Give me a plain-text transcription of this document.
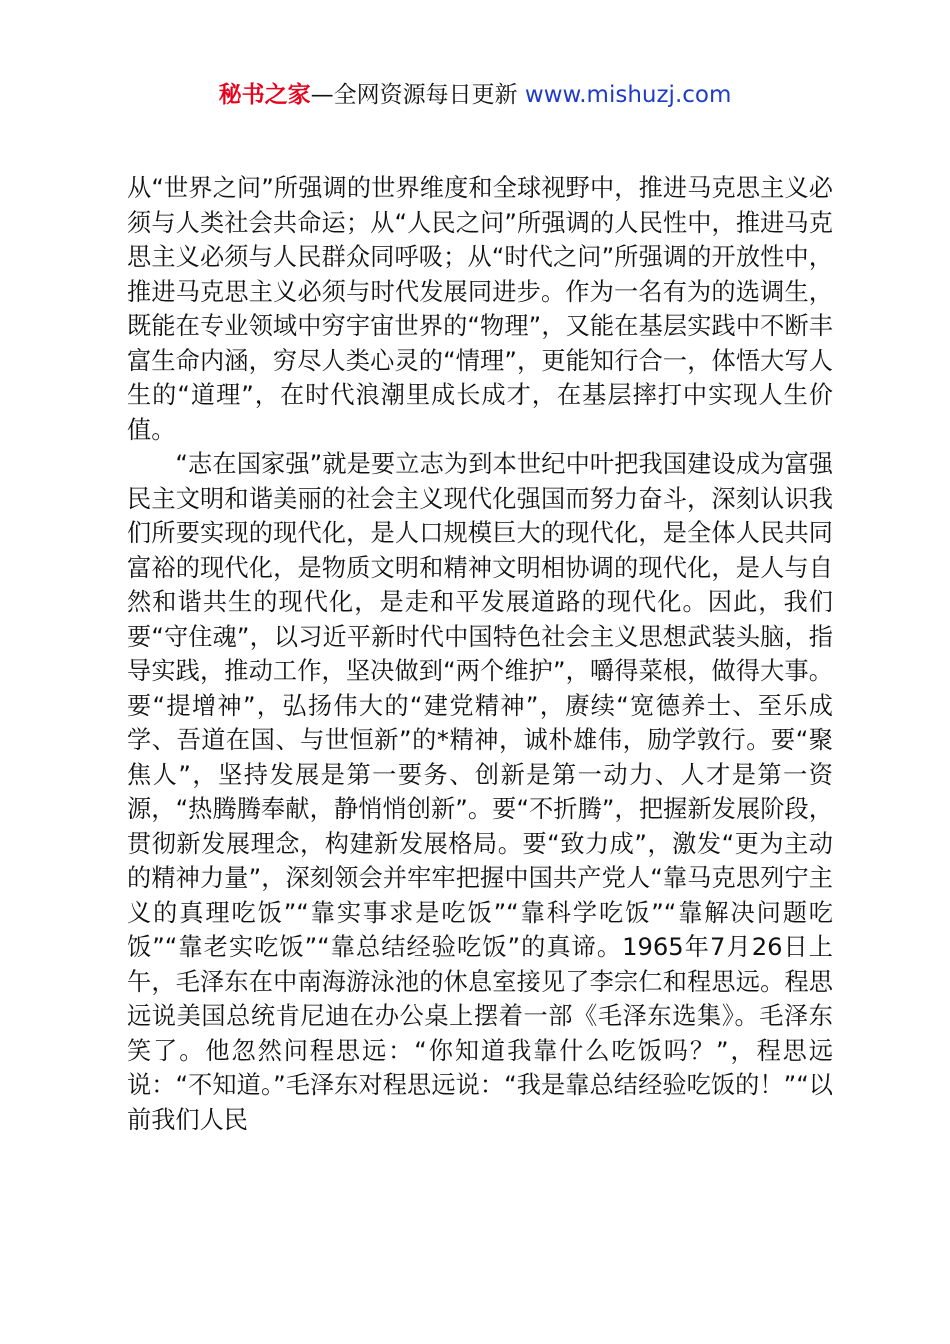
秘书之家—全网资源每日更新 www.mishuzj.com

从“世界之问”所强调的世界维度和全球视野中，推进马克思主义必须与人类社会共命运；从“人民之问”所强调的人民性中，推进马克思主义必须与人民群众同呼吸；从“时代之问”所强调的开放性中，推进马克思主义必须与时代发展同进步。作为一名有为的选调生，既能在专业领域中穷宇宙世界的“物理”，又能在基层实践中不断丰富生命内涵，穷尽人类心灵的“情理”，更能知行合一，体悟大写人生的“道理”，在时代浪潮里成长成才，在基层摔打中实现人生价值。

“志在国家强”就是要立志为到本世纪中叶把我国建设成为富强民主文明和谐美丽的社会主义现代化强国而努力奋斗，深刻认识我们所要实现的现代化，是人口规模巨大的现代化，是全体人民共同富裕的现代化，是物质文明和精神文明相协调的现代化，是人与自然和谐共生的现代化，是走和平发展道路的现代化。因此，我们要“守住魂”，以习近平新时代中国特色社会主义思想武装头脑，指导实践，推动工作，坚决做到“两个维护”，嚼得菜根，做得大事。要“提增神”，弘扬伟大的“建党精神”，赓续“宽德养士、至乐成学、吾道在国、与世恒新”的*精神，诚朴雄伟，励学敦行。要“聚焦人”，坚持发展是第一要务、创新是第一动力、人才是第一资源，“热腾腾奉献，静悄悄创新”。要“不折腾”，把握新发展阶段，贯彻新发展理念，构建新发展格局。要“致力成”，激发“更为主动的精神力量”，深刻领会并牢牢把握中国共产党人“靠马克思列宁主义的真理吃饭”“靠实事求是吃饭”“靠科学吃饭”“靠解决问题吃饭”“靠老实吃饭”“靠总结经验吃饭”的真谛。1965年7月26日上午，毛泽东在中南海游泳池的休息室接见了李宗仁和程思远。程思远说美国总统肯尼迪在办公桌上摆着一部《毛泽东选集》。毛泽东笑了。他忽然问程思远：“你知道我靠什么吃饭吗？”，程思远说：“不知道。”毛泽东对程思远说：“我是靠总结经验吃饭的！”“以前我们人民
